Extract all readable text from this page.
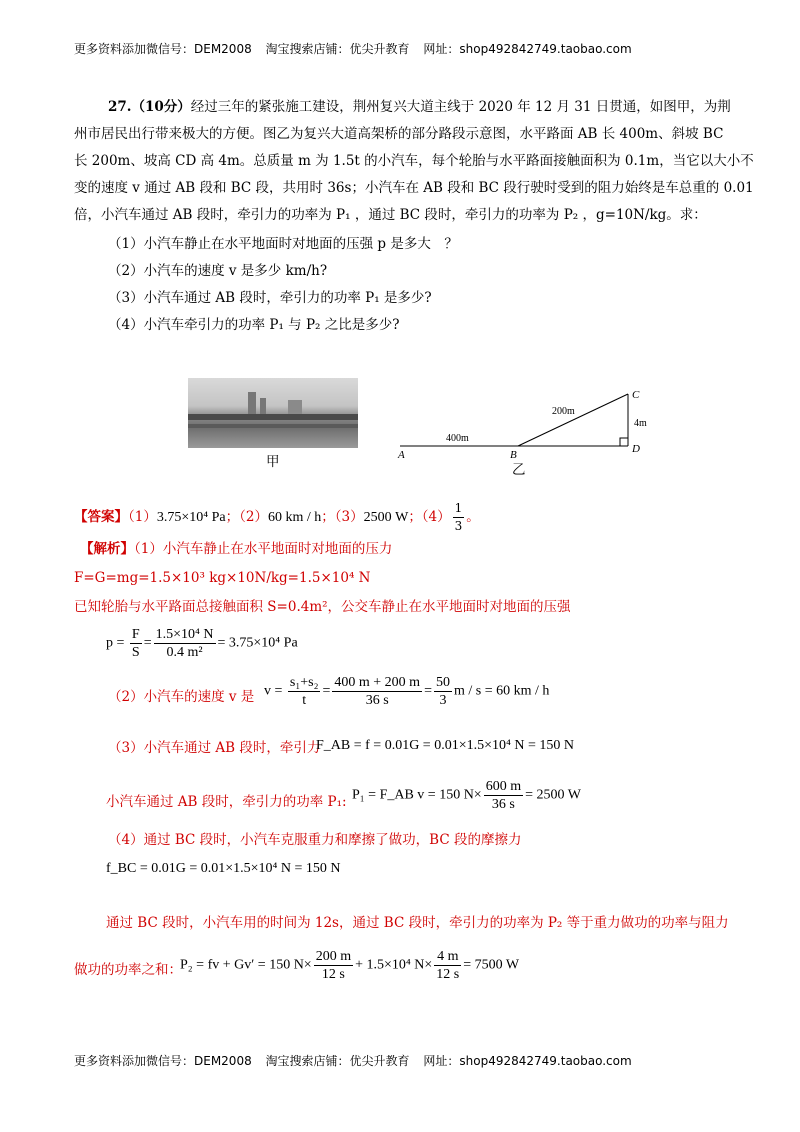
更多资料添加微信号：DEM2008 淘宝搜索店铺：优尖升教育 网址：shop492842749.taobao.com
27.（10分）经过三年的紧张施工建设，荆州复兴大道主线于 2020 年 12 月 31 日贯通，如图甲，为荆
州市居民出行带来极大的方便。图乙为复兴大道高架桥的部分路段示意图，水平路面 AB 长 400m、斜坡 BC
长 200m、坡高 CD 高 4m。总质量 m 为 1.5t 的小汽车，每个轮胎与水平路面接触面积为 0.1m，当它以大小不
变的速度 v 通过 AB 段和 BC 段，共用时 36s；小汽车在 AB 段和 BC 段行驶时受到的阻力始终是车总重的 0.01
倍，小汽车通过 AB 段时，牵引力的功率为 P₁ ，通过 BC 段时，牵引力的功率为 P₂ ，g=10N/kg。求：
（1）小汽车静止在水平地面时对地面的压强 p 是多大　？
（2）小汽车的速度 v 是多少 km/h?
（3）小汽车通过 AB 段时，牵引力的功率 P₁ 是多少?
（4）小汽车牵引力的功率 P₁ 与 P₂ 之比是多少?
甲	A	B
C
D
400m
200m
4m
乙
【答案】（1）3.75×10⁴ Pa；（2）60 km / h；（3）2500 W；$(4) \frac{1}{3}$ 。
【解析】（1）小汽车静止在水平地面时对地面的压力
F=G=mg=1.5×10³ kg×10N/kg=1.5×10⁴ N
已知轮胎与水平路面总接触面积 S=0.4m²，公交车静止在水平地面时对地面的压强
$p = \frac{F}{S} = \frac{\text{1.5×10⁴ N}}{\text{0.4 m²}} = 3.75\times 10^4$ Pa
（2）小汽车的速度 v 是 $v = \frac{\text{s₁+s₂}}{t} = \frac{400 m + 200 m}{36 s} = \frac{50}{3}$ m / s = 60 km / h
（3）小汽车通过 AB 段时，牵引力
F_AB = f = 0.01G = 0.01×1.5×10⁴ N = 150 N
小汽车通过 AB 段时，牵引力的功率 P₁: P₁ = F_AB v = 150 $N\times \frac{600 m}{36 s} = 2500$ W
（4）通过 BC 段时，小汽车克服重力和摩擦了做功，BC 段的摩擦力
f_BC = 0.01G = 0.01×1.5×10⁴ N = 150 N
通过 BC 段时，小汽车用的时间为 12s，通过 BC 段时，牵引力的功率为 P₂ 等于重力做功的功率与阻力
做功的功率之和：
P₂ = fv + Gv′ = 150 $N\times \frac{200 m}{12 s} + 1.5\times 10^4$ $N\times \frac{4 m}{12 s} = 7500$ W
更多资料添加微信号：DEM2008 淘宝搜索店铺：优尖升教育 网址：shop492842749.taobao.com
